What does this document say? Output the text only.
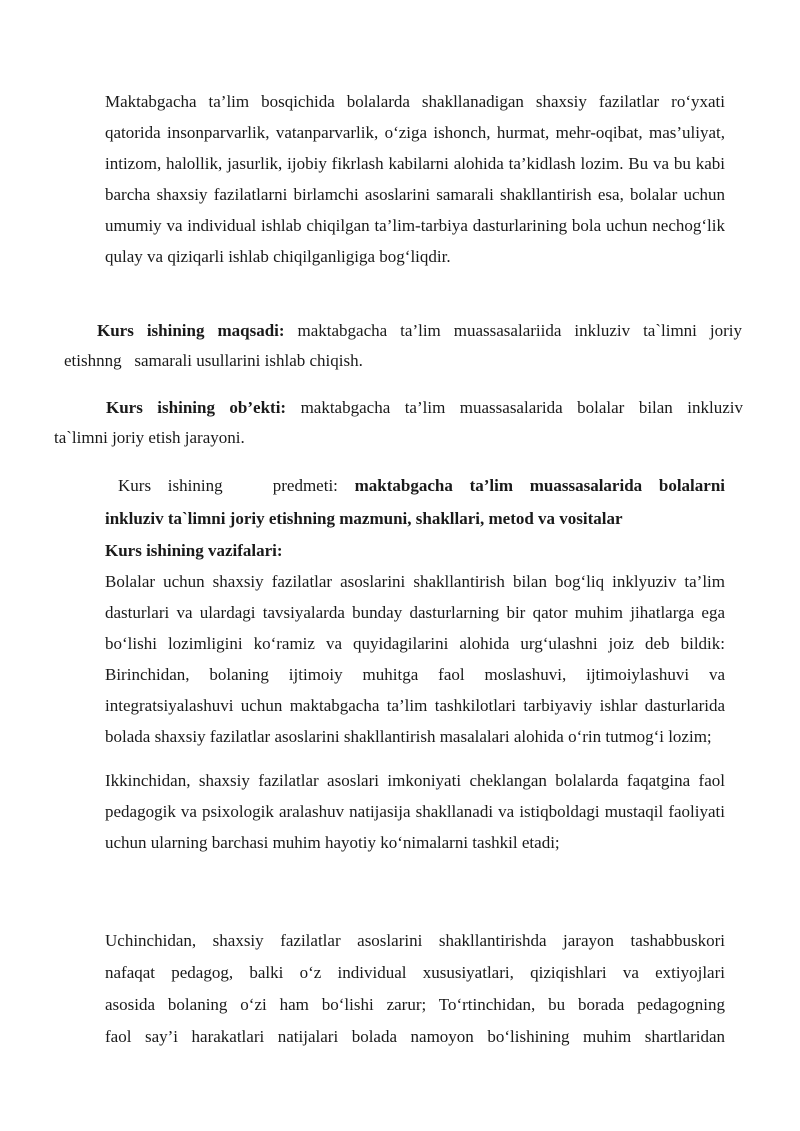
Maktabgacha ta’lim bosqichida bolalarda shakllanadigan shaxsiy fazilatlar ro‘yxati qatorida insonparvarlik, vatanparvarlik, o‘ziga ishonch, hurmat, mehr-oqibat, mas’uliyat, intizom, halollik, jasurlik, ijobiy fikrlash kabilarni alohida ta’kidlash lozim. Bu va bu kabi barcha shaxsiy fazilatlarni birlamchi asoslarini samarali shakllantirish esa, bolalar uchun umumiy va individual ishlab chiqilgan ta’lim-tarbiya dasturlarining bola uchun nechog‘lik qulay va qiziqarli ishlab chiqilganligiga bog‘liqdir.

Kurs ishining maqsadi: maktabgacha ta’lim muassasalariida inkluziv ta`limni joriy
etishnng   samarali usullarini ishlab chiqish.
Kurs ishining ob’ekti: maktabgacha ta’lim muassasalarida bolalar bilan inkluziv
ta`limni joriy etish jarayoni.
Kurs ishining   predmeti: maktabgacha ta’lim muassasalarida bolalarni
inkluziv ta`limni joriy etishning mazmuni, shakllari, metod va vositalar
Kurs ishining vazifalari:

Bolalar uchun shaxsiy fazilatlar asoslarini shakllantirish bilan bog‘liq inklyuziv ta’lim dasturlari va ulardagi tavsiyalarda bunday dasturlarning bir qator muhim jihatlarga ega bo‘lishi lozimligini ko‘ramiz va quyidagilarini alohida urg‘ulashni joiz deb bildik: Birinchidan, bolaning ijtimoiy muhitga faol moslashuvi, ijtimoiylashuvi va integratsiyalashuvi uchun maktabgacha ta’lim tashkilotlari tarbiyaviy ishlar dasturlarida bolada shaxsiy fazilatlar asoslarini shakllantirish masalalari alohida o‘rin tutmog‘i lozim;

Ikkinchidan, shaxsiy fazilatlar asoslari imkoniyati cheklangan bolalarda faqatgina faol pedagogik va psixologik aralashuv natijasija shakllanadi va istiqboldagi mustaqil faoliyati uchun ularning barchasi muhim hayotiy ko‘nimalarni tashkil etadi;

Uchinchidan, shaxsiy fazilatlar asoslarini shakllantirishda jarayon tashabbuskori
nafaqat pedagog, balki o‘z individual xususiyatlari, qiziqishlari va extiyojlari
asosida bolaning o‘zi ham bo‘lishi zarur; To‘rtinchidan, bu borada pedagogning
faol say’i harakatlari natijalari bolada namoyon bo‘lishining muhim shartlaridan
